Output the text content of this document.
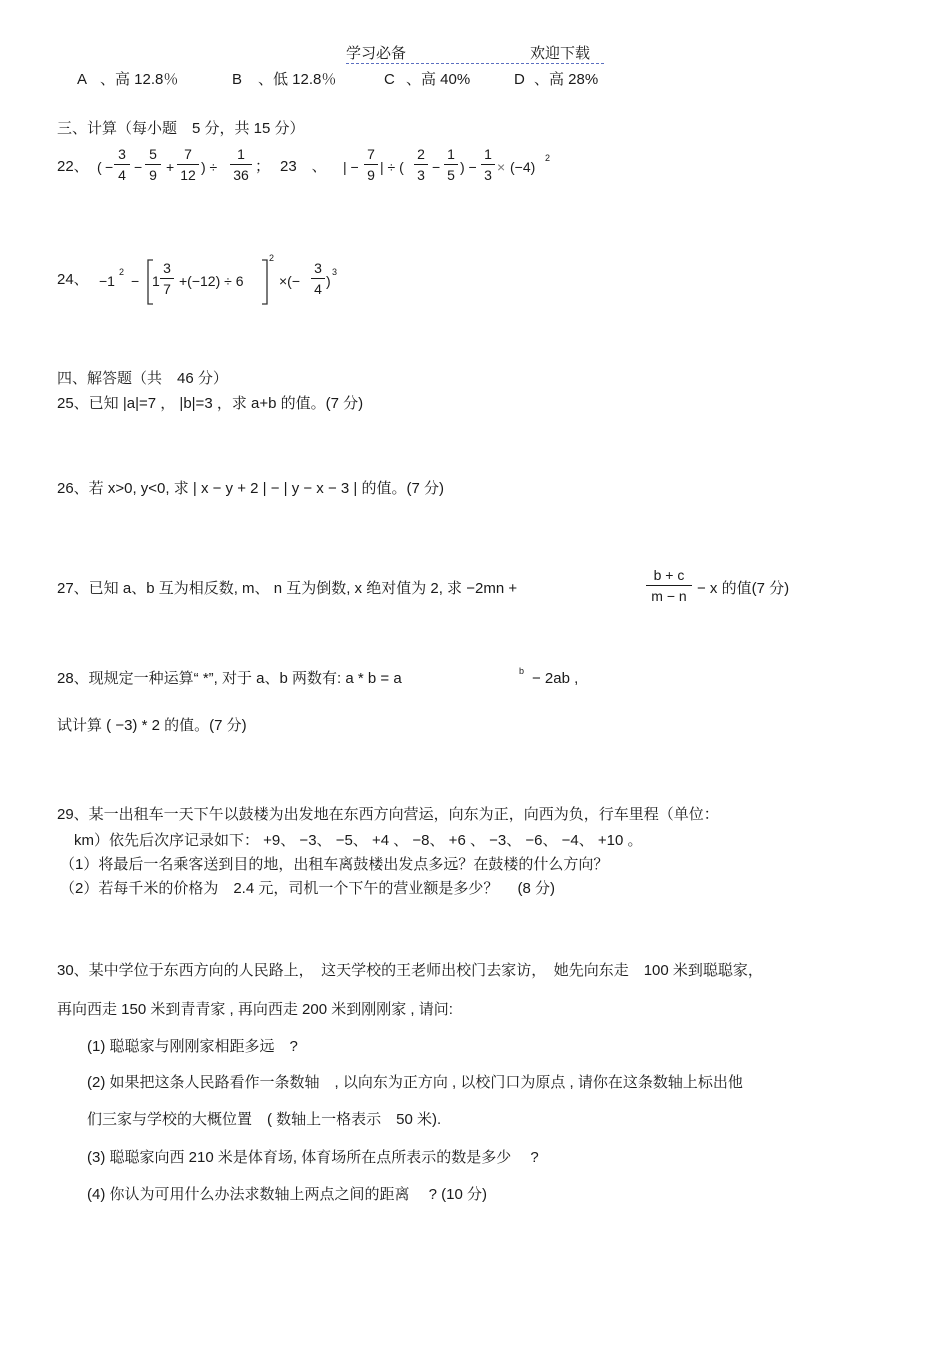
学习必备	欢迎下载
A 、高 12.8％	B 、低 12.8％	C 、高 40%	D 、高 28%
三、计算（每小题　5 分，共 15 分）
22、 ( −
3
4 −
5
9 +
7
12 ) ÷
1
36 ； 23　、 | −
7
9 | ÷ (
2
3 −
1
5 ) −
1
3 × (−4)
2
24、 −1
2
− 1
3
7 +(−12) ÷ 6
2
×(−
3
4 )
3
四、解答题（共　46 分）
25、已知 |a|=7 ， |b|=3 ，求 a+b 的值。(7 分)
26、若 x>0, y<0, 求 | x − y + 2 | − | y − x − 3 | 的值。(7 分)
27、已知 a、b 互为相反数, m、 n 互为倒数, x 绝对值为 2, 求 −2mn +
b + c
m − n − x 的值(7 分)
28、现规定一种运算“ *”, 对于 a、b 两数有: a * b = a	b − 2ab ,
试计算 ( −3) * 2 的值。(7 分)
29、某一出租车一天下午以鼓楼为出发地在东西方向营运，向东为正，向西为负，行车里程（单位：
km）依先后次序记录如下： +9、 −3、 −5、 +4 、 −8、 +6 、 −3、 −6、 −4、 +10 。
（1）将最后一名乘客送到目的地，出租车离鼓楼出发点多远？在鼓楼的什么方向？
（2）若每千米的价格为　2.4 元，司机一个下午的营业额是多少？　 (8 分)
30、某中学位于东西方向的人民路上，　这天学校的王老师出校门去家访，　她先向东走　100 米到聪聪家，
再向西走 150 米到青青家 , 再向西走 200 米到刚刚家 , 请问:
(1) 聪聪家与刚刚家相距多远　?
(2) 如果把这条人民路看作一条数轴　, 以向东为正方向 , 以校门口为原点 , 请你在这条数轴上标出他
们三家与学校的大概位置　( 数轴上一格表示　50 米).
(3) 聪聪家向西 210 米是体育场, 体育场所在点所表示的数是多少　 ?
(4) 你认为可用什么办法求数轴上两点之间的距离　 ? (10 分)
